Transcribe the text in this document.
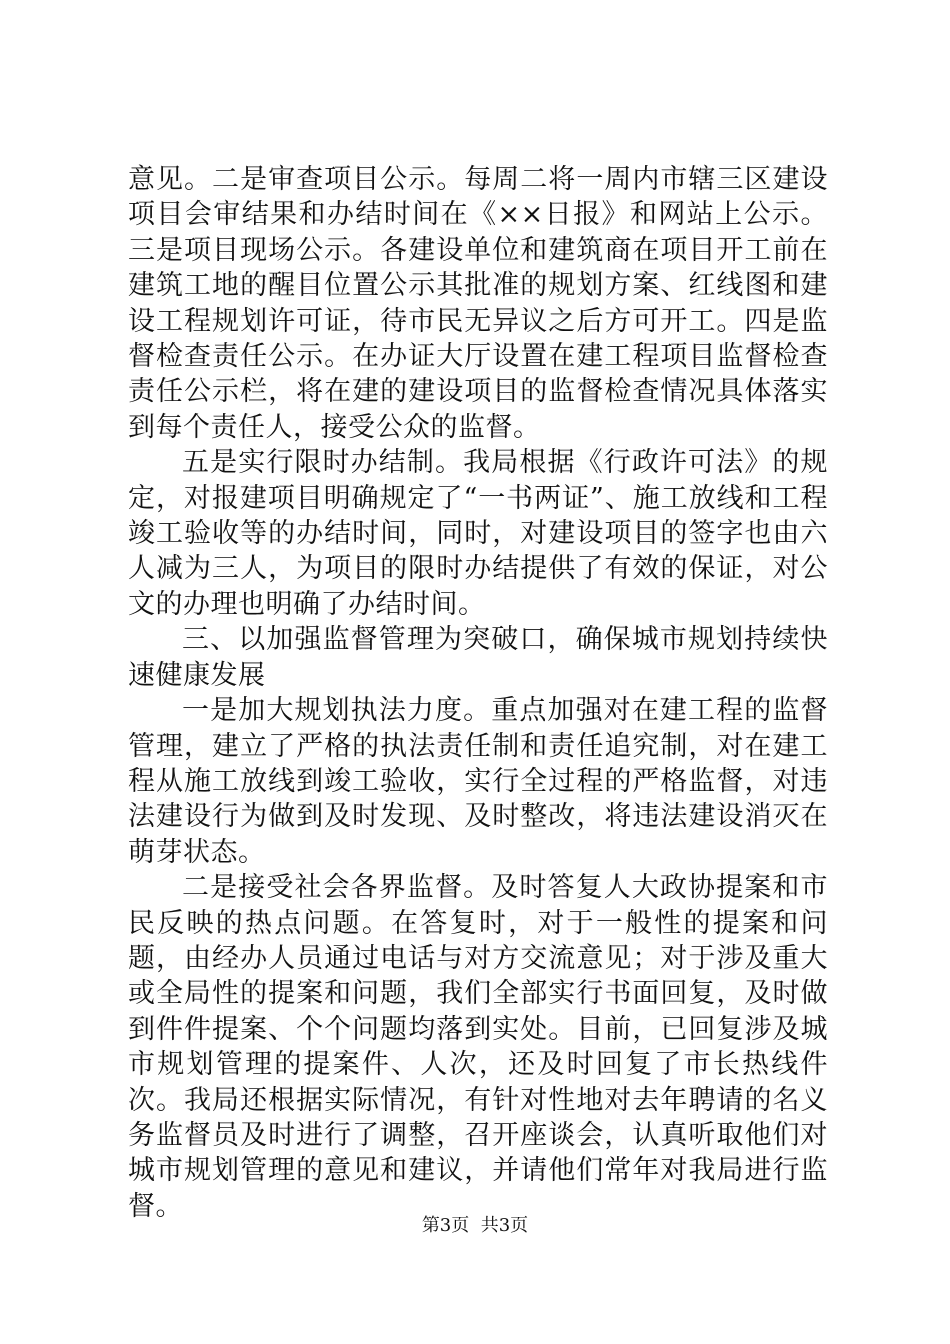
意见。二是审查项目公示。每周二将一周内市辖三区建设项目会审结果和办结时间在《××日报》和网站上公示。三是项目现场公示。各建设单位和建筑商在项目开工前在建筑工地的醒目位置公示其批准的规划方案、红线图和建设工程规划许可证，待市民无异议之后方可开工。四是监督检查责任公示。在办证大厅设置在建工程项目监督检查责任公示栏，将在建的建设项目的监督检查情况具体落实到每个责任人，接受公众的监督。

五是实行限时办结制。我局根据《行政许可法》的规定，对报建项目明确规定了“一书两证”、施工放线和工程竣工验收等的办结时间，同时，对建设项目的签字也由六人减为三人，为项目的限时办结提供了有效的保证，对公文的办理也明确了办结时间。

三、以加强监督管理为突破口，确保城市规划持续快速健康发展

一是加大规划执法力度。重点加强对在建工程的监督管理，建立了严格的执法责任制和责任追究制，对在建工程从施工放线到竣工验收，实行全过程的严格监督，对违法建设行为做到及时发现、及时整改，将违法建设消灭在萌芽状态。

二是接受社会各界监督。及时答复人大政协提案和市民反映的热点问题。在答复时，对于一般性的提案和问题，由经办人员通过电话与对方交流意见；对于涉及重大或全局性的提案和问题，我们全部实行书面回复，及时做到件件提案、个个问题均落到实处。目前，已回复涉及城市规划管理的提案件、人次，还及时回复了市长热线件次。我局还根据实际情况，有针对性地对去年聘请的名义务监督员及时进行了调整，召开座谈会，认真听取他们对城市规划管理的意见和建议，并请他们常年对我局进行监督。

第3页  共3页
